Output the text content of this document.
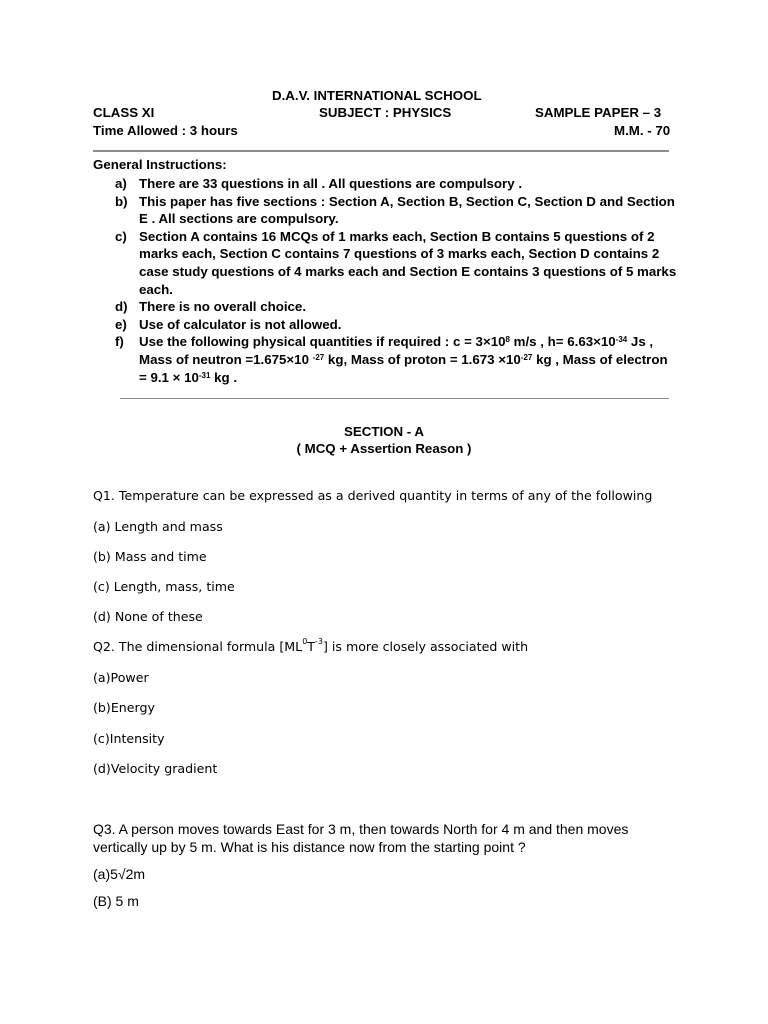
D.A.V. INTERNATIONAL SCHOOL
CLASS XI	SUBJECT : PHYSICS	SAMPLE PAPER – 3
Time Allowed : 3 hours	M.M. - 70
General Instructions:
a) There are 33 questions in all . All questions are compulsory .
b) This paper has five sections : Section A, Section B, Section C, Section D and Section E . All sections are compulsory.
c) Section A contains 16 MCQs of 1 marks each, Section B contains 5 questions of 2 marks each, Section C contains 7 questions of 3 marks each, Section D contains 2 case study questions of 4 marks each and Section E contains 3 questions of 5 marks each.
d) There is no overall choice.
e) Use of calculator is not allowed.
f)	Use the following physical quantities if required : $c = 3\times 10^8$ m/s , $h= 6.63\times 10^{-34}$ Js , Mass of neutron =1.675×10 $^{-27}$ kg, Mass of proton = $1.673 \times 10^{-27}$ kg , Mass of electron = $9.1 \times 10^{-31}$ kg .
SECTION - A
( MCQ + Assertion Reason )
Q1. Temperature can be expressed as a derived quantity in terms of any of the following
(a) Length and mass
(b) Mass and time
(c) Length, mass, time
(d) None of these
Q2. The dimensional formula $[ML^0T^{-3}]$ is more closely associated with
(a)Power
(b)Energy
(c)Intensity
(d)Velocity gradient
Q3. A person moves towards East for 3 m, then towards North for 4 m and then moves vertically up by 5 m. What is his distance now from the starting point ?
(a)5√2m
(B) 5 m
